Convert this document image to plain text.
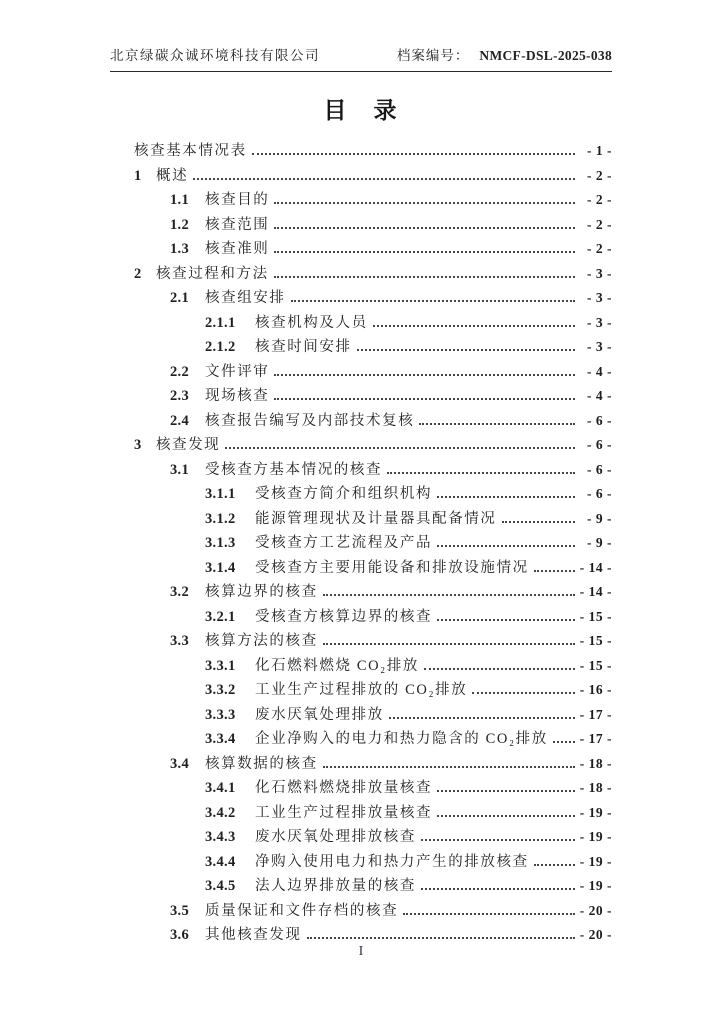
北京绿碳众诚环境科技有限公司	档案编号： NMCF-DSL-2025-038
目　录
核查基本情况表	- 1 -
1 概述	- 2 -
1.1	核查目的	- 2 -
1.2	核查范围	- 2 -
1.3	核查准则	- 2 -
2 核查过程和方法	- 3 -
2.1	核查组安排	- 3 -
2.1.1	核查机构及人员	- 3 -
2.1.2	核查时间安排	- 3 -
2.2	文件评审	- 4 -
2.3	现场核查	- 4 -
2.4	核查报告编写及内部技术复核	- 6 -
3 核查发现	- 6 -
3.1	受核查方基本情况的核查	- 6 -
3.1.1	受核查方简介和组织机构	- 6 -
3.1.2	能源管理现状及计量器具配备情况	- 9 -
3.1.3	受核查方工艺流程及产品	- 9 -
3.1.4	受核查方主要用能设备和排放设施情况	- 14 -
3.2	核算边界的核查	- 14 -
3.2.1	受核查方核算边界的核查	- 15 -
3.3	核算方法的核查	- 15 -
3.3.1	化石燃料燃烧 CO₂排放	- 15 -
3.3.2	工业生产过程排放的 CO₂排放	- 16 -
3.3.3	废水厌氧处理排放	- 17 -
3.3.4	企业净购入的电力和热力隐含的 CO₂排放 - 17 -
3.4	核算数据的核查	- 18 -
3.4.1	化石燃料燃烧排放量核查	- 18 -
3.4.2	工业生产过程排放量核查	- 19 -
3.4.3	废水厌氧处理排放核查	- 19 -
3.4.4	净购入使用电力和热力产生的排放核查	- 19 -
3.4.5	法人边界排放量的核查	- 19 -
3.5	质量保证和文件存档的核查	- 20 -
3.6	其他核查发现	- 20 -
I
